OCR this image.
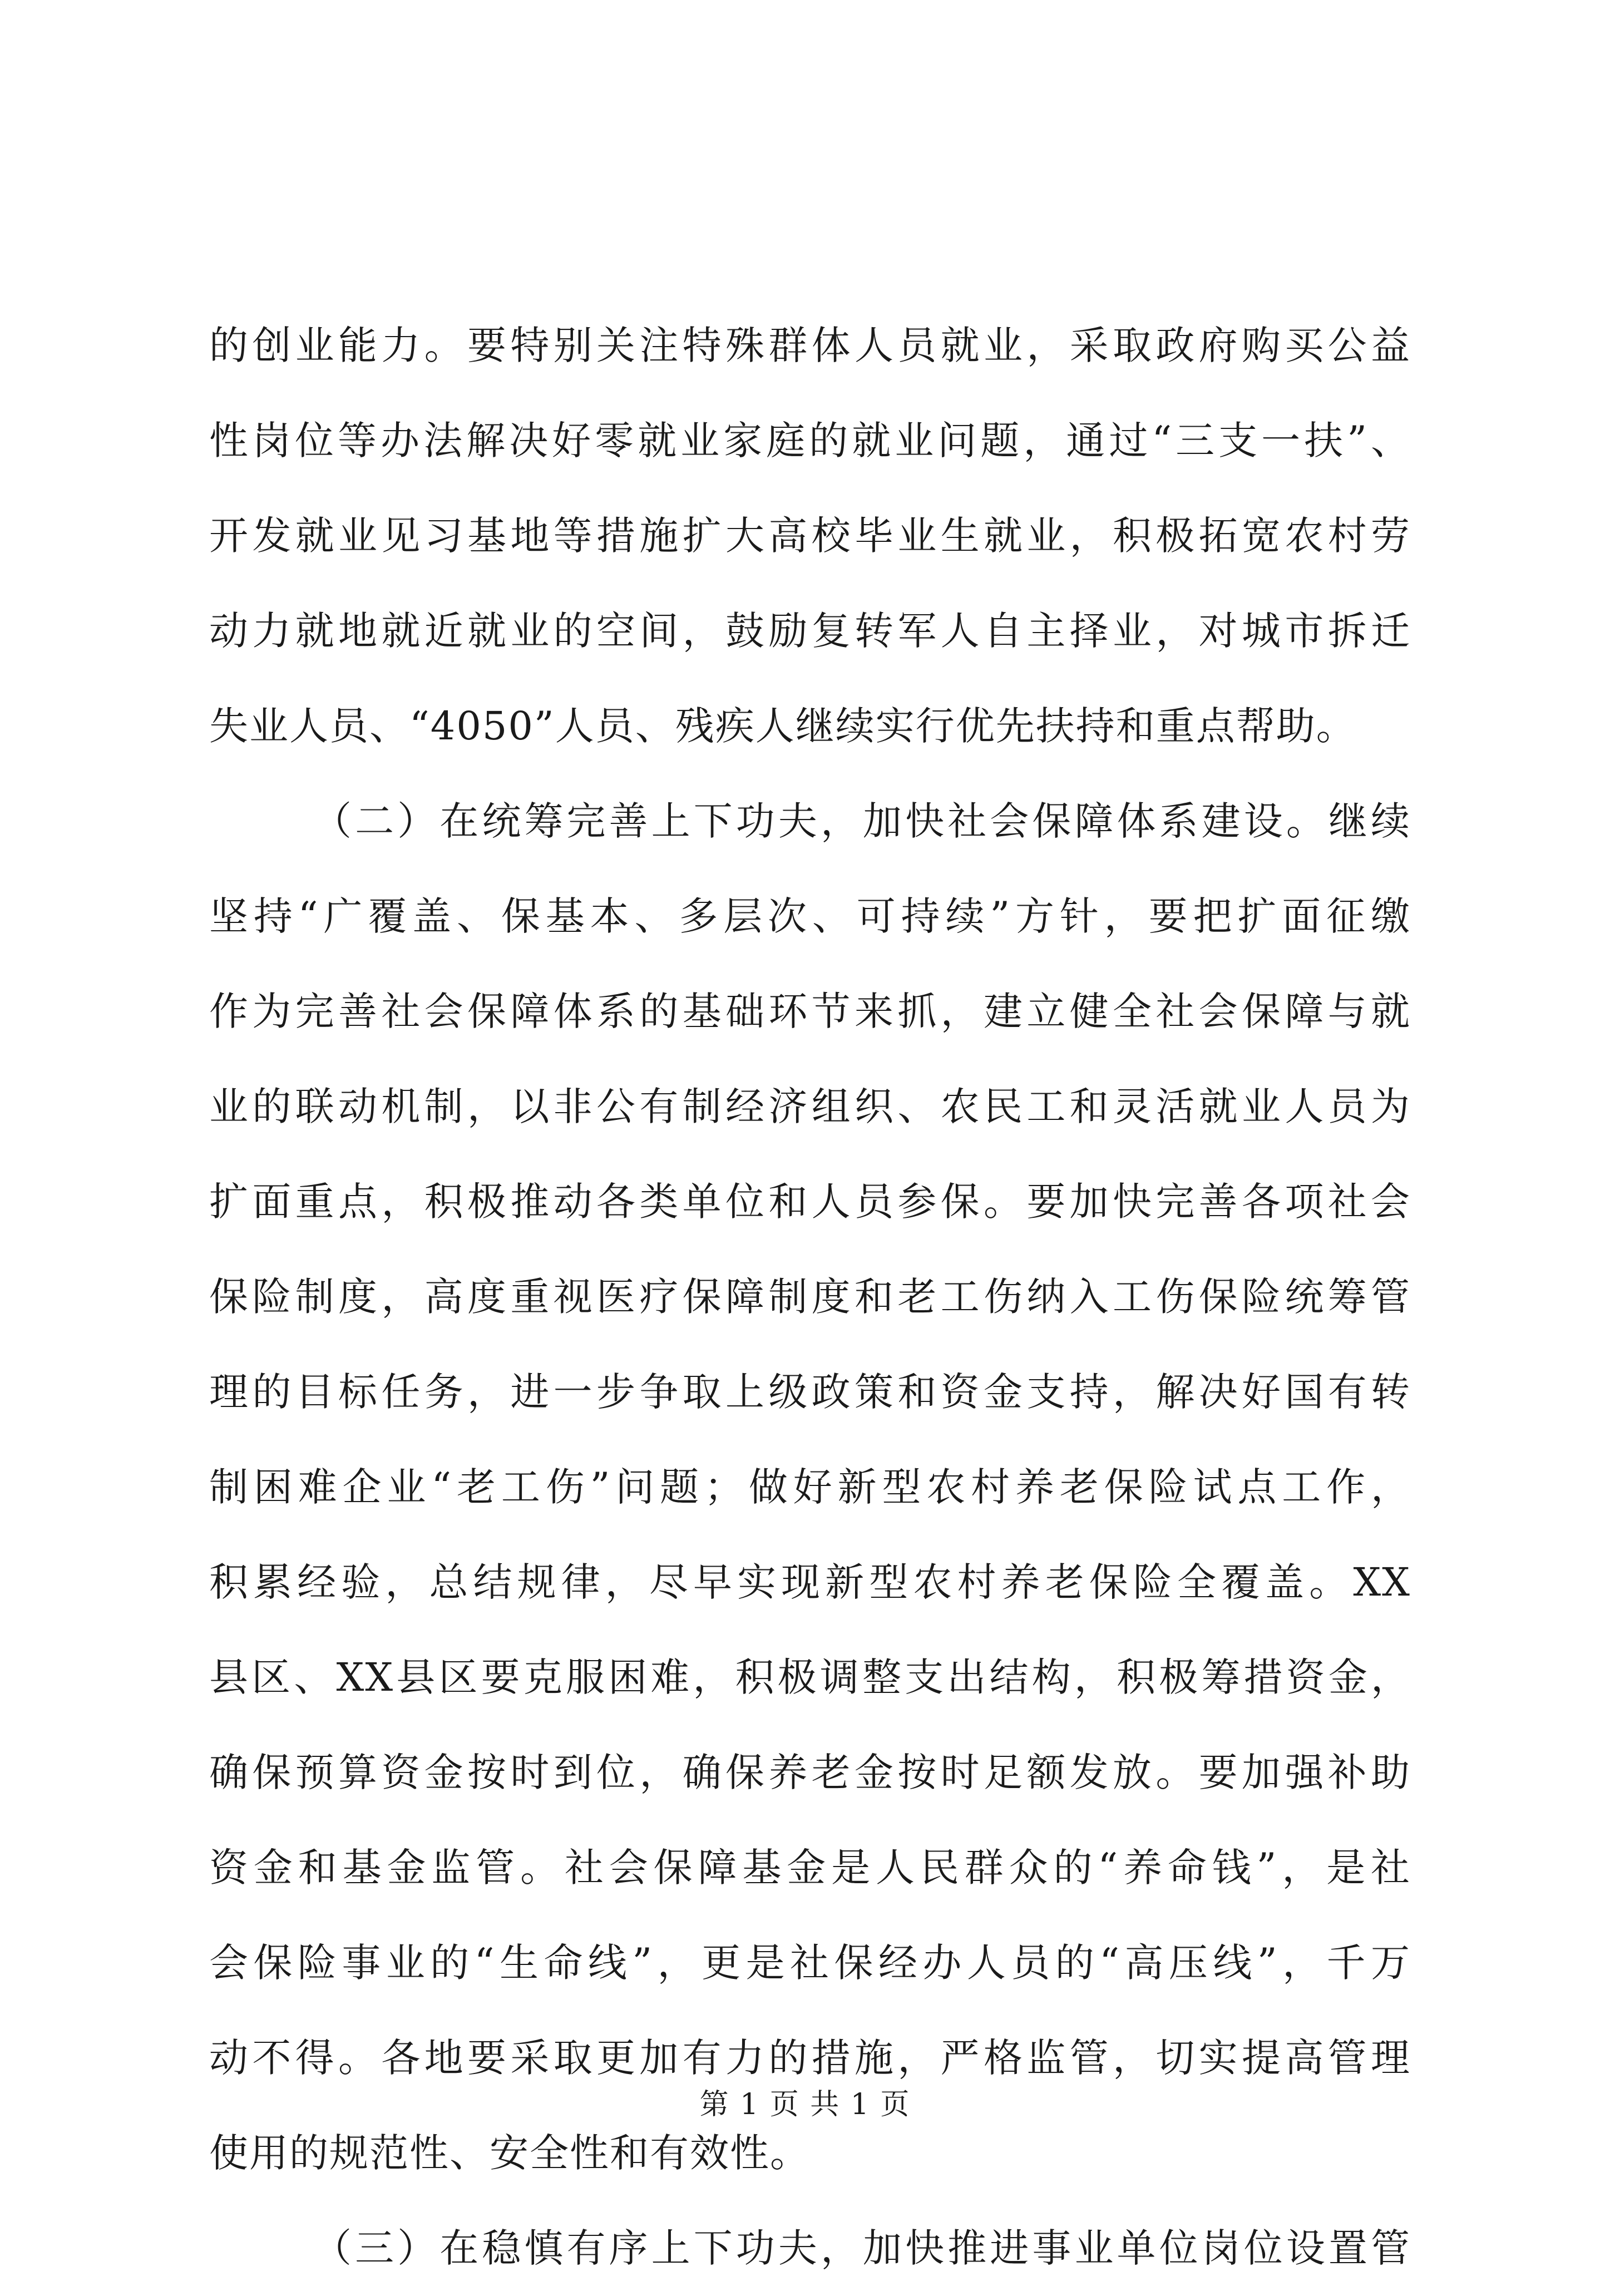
的创业能力。要特别关注特殊群体人员就业，采取政府购买公益
性岗位等办法解决好零就业家庭的就业问题，通过“三支一扶”、
开发就业见习基地等措施扩大高校毕业生就业，积极拓宽农村劳
动力就地就近就业的空间，鼓励复转军人自主择业，对城市拆迁
失业人员、“4050”人员、残疾人继续实行优先扶持和重点帮助。
（二）在统筹完善上下功夫，加快社会保障体系建设。继续
坚持“广覆盖、保基本、多层次、可持续”方针，要把扩面征缴
作为完善社会保障体系的基础环节来抓，建立健全社会保障与就
业的联动机制，以非公有制经济组织、农民工和灵活就业人员为
扩面重点，积极推动各类单位和人员参保。要加快完善各项社会
保险制度，高度重视医疗保障制度和老工伤纳入工伤保险统筹管
理的目标任务，进一步争取上级政策和资金支持，解决好国有转
制困难企业“老工伤”问题；做好新型农村养老保险试点工作，
积累经验，总结规律，尽早实现新型农村养老保险全覆盖。XX
县区、XX县区要克服困难，积极调整支出结构，积极筹措资金，
确保预算资金按时到位，确保养老金按时足额发放。要加强补助
资金和基金监管。社会保障基金是人民群众的“养命钱”，是社
会保险事业的“生命线”，更是社保经办人员的“高压线”，千万
动不得。各地要采取更加有力的措施，严格监管，切实提高管理
使用的规范性、安全性和有效性。
（三）在稳慎有序上下功夫，加快推进事业单位岗位设置管
第 1 页 共 1 页
